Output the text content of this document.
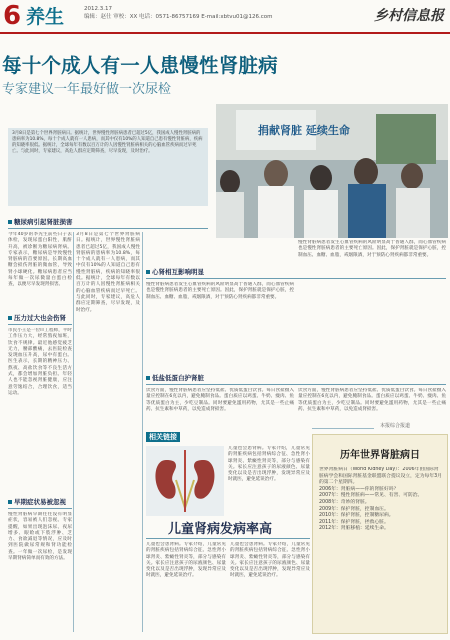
6 养生	2012.3.17
编辑：赵仕 审校：XX 电话：0571-86757169 E-mail:xbtvu01@126.com	乡村信息报
每十个成人有一人患慢性肾脏病
专家建议一年最好做一次尿检
3月8日是第七个世界肾脏病日。据统计，世界慢性肾脏病患者已超过5亿，我国成人慢性肾脏病的患病率为10.8%，每十个成人就有一人患病，而其中仅有10%的人知道自己患有慢性肾脏病，疾病的知晓率很低。据统计，全球每年有数以百万计的人因慢性肾脏病相关的心脑血管疾病而过早死亡。与此同时，专家建议，高危人群应定期筛查，尽早发现，及时治疗。
捐献肾脏 延续生命
糖尿病引起肾脏损害
今年40岁的李先生前些日子去体检，发现尿蛋白阳性，肌酐升高，被诊断为糖尿病肾病。专家表示，糖尿病是导致慢性肾脏病的首要原因。长期高血糖会损伤肾脏的微血管，导致肾小球硬化。糖尿病患者应当每年做一次尿微量白蛋白检查，以便尽早发现肾损害。
压力过大也会伤肾
市民小王是一位IT工程师，平时工作压力大，经常熬夜加班，饮食不规律。最近他感觉疲乏无力，腰部酸痛，去医院检查发现血压升高，尿中有蛋白。医生表示，长期的精神压力、熬夜、高盐饮食等不良生活方式，都会增加肾脏负担。年轻人也不能忽视肾脏健康，应注意劳逸结合，合理饮食，适当运动。
早期症状易被忽视
慢性肾脏病早期往往没有明显症状，容易被人们忽视。专家提醒，如果出现泡沫尿、夜尿增多、眼睑或下肢浮肿、乏力、食欲减退等情况，应及时到医院做尿常规和肾功能检查。一年做一次尿检，是发现早期肾病简单而有效的方法。
3月8日是第七个世界肾脏病日。据统计，世界慢性肾脏病患者已超过5亿，我国成人慢性肾脏病的患病率为10.8%，每十个成人就有一人患病，而其中仅有10%的人知道自己患有慢性肾脏病，疾病的知晓率很低。据统计，全球每年有数以百万计的人因慢性肾脏病相关的心脑血管疾病而过早死亡。与此同时，专家建议，高危人群应定期筛查，尽早发现，及时治疗。
心肾相互影响明显
慢性肾脏病患者发生心血管疾病的风险明显高于普通人群，而心血管疾病也是慢性肾脏病患者的主要死亡原因。因此，保护肾脏就是保护心脏，控制血压、血糖、血脂，戒烟限酒，对于预防心肾疾病都非常重要。
慢性肾脏病患者发生心血管疾病的风险明显高于普通人群，而心血管疾病也是慢性肾脏病患者的主要死亡原因。因此，保护肾脏就是保护心脏，控制血压、血糖、血脂，戒烟限酒，对于预防心肾疾病都非常重要。
低盐低蛋白护肾脏
饮食方面，慢性肾脏病患者应坚持低盐、优质低蛋白饮食。每日食盐摄入量应控制在6克以内，避免腌制食品。蛋白质应以鸡蛋、牛奶、瘦肉、鱼等优质蛋白为主，少吃豆制品。同时要避免滥用药物，尤其是一些止痛药、抗生素和中草药，以免造成肾损害。
饮食方面，慢性肾脏病患者应坚持低盐、优质低蛋白饮食。每日食盐摄入量应控制在6克以内，避免腌制食品。蛋白质应以鸡蛋、牛奶、瘦肉、鱼等优质蛋白为主，少吃豆制品。同时要避免滥用药物，尤其是一些止痛药、抗生素和中草药，以免造成肾损害。
相关链接
儿童也会患肾病。专家介绍，儿童常见的肾脏疾病包括肾病综合征、急性肾小球肾炎、紫癜性肾炎等，部分与感染有关。家长应注意孩子的尿液颜色、尿量变化以及是否出现浮肿，发现异常应及时就医，避免延误治疗。
儿童肾病发病率高
儿童也会患肾病。专家介绍，儿童常见的肾脏疾病包括肾病综合征、急性肾小球肾炎、紫癜性肾炎等，部分与感染有关。家长应注意孩子的尿液颜色、尿量变化以及是否出现浮肿，发现异常应及时就医，避免延误治疗。
儿童也会患肾病。专家介绍，儿童常见的肾脏疾病包括肾病综合征、急性肾小球肾炎、紫癜性肾炎等，部分与感染有关。家长应注意孩子的尿液颜色、尿量变化以及是否出现浮肿，发现异常应及时就医，避免延误治疗。
本报综合报道
历年世界肾脏病日

世界肾脏病日（World Kidney Day）：2006年由国际肾脏病学会和国际肾脏基金联盟联合提议设立，定为每年3月的第二个星期四。

2006年：肾脏病——你的肾脏好吗？

2007年：慢性肾脏病——常见、有害、可防治。

2008年：奇妙的肾脏。

2009年：保护肾脏，控制血压。

2010年：保护肾脏，控制糖尿病。

2011年：保护肾脏，拯救心脏。

2012年：肾脏移植：延续生命。
